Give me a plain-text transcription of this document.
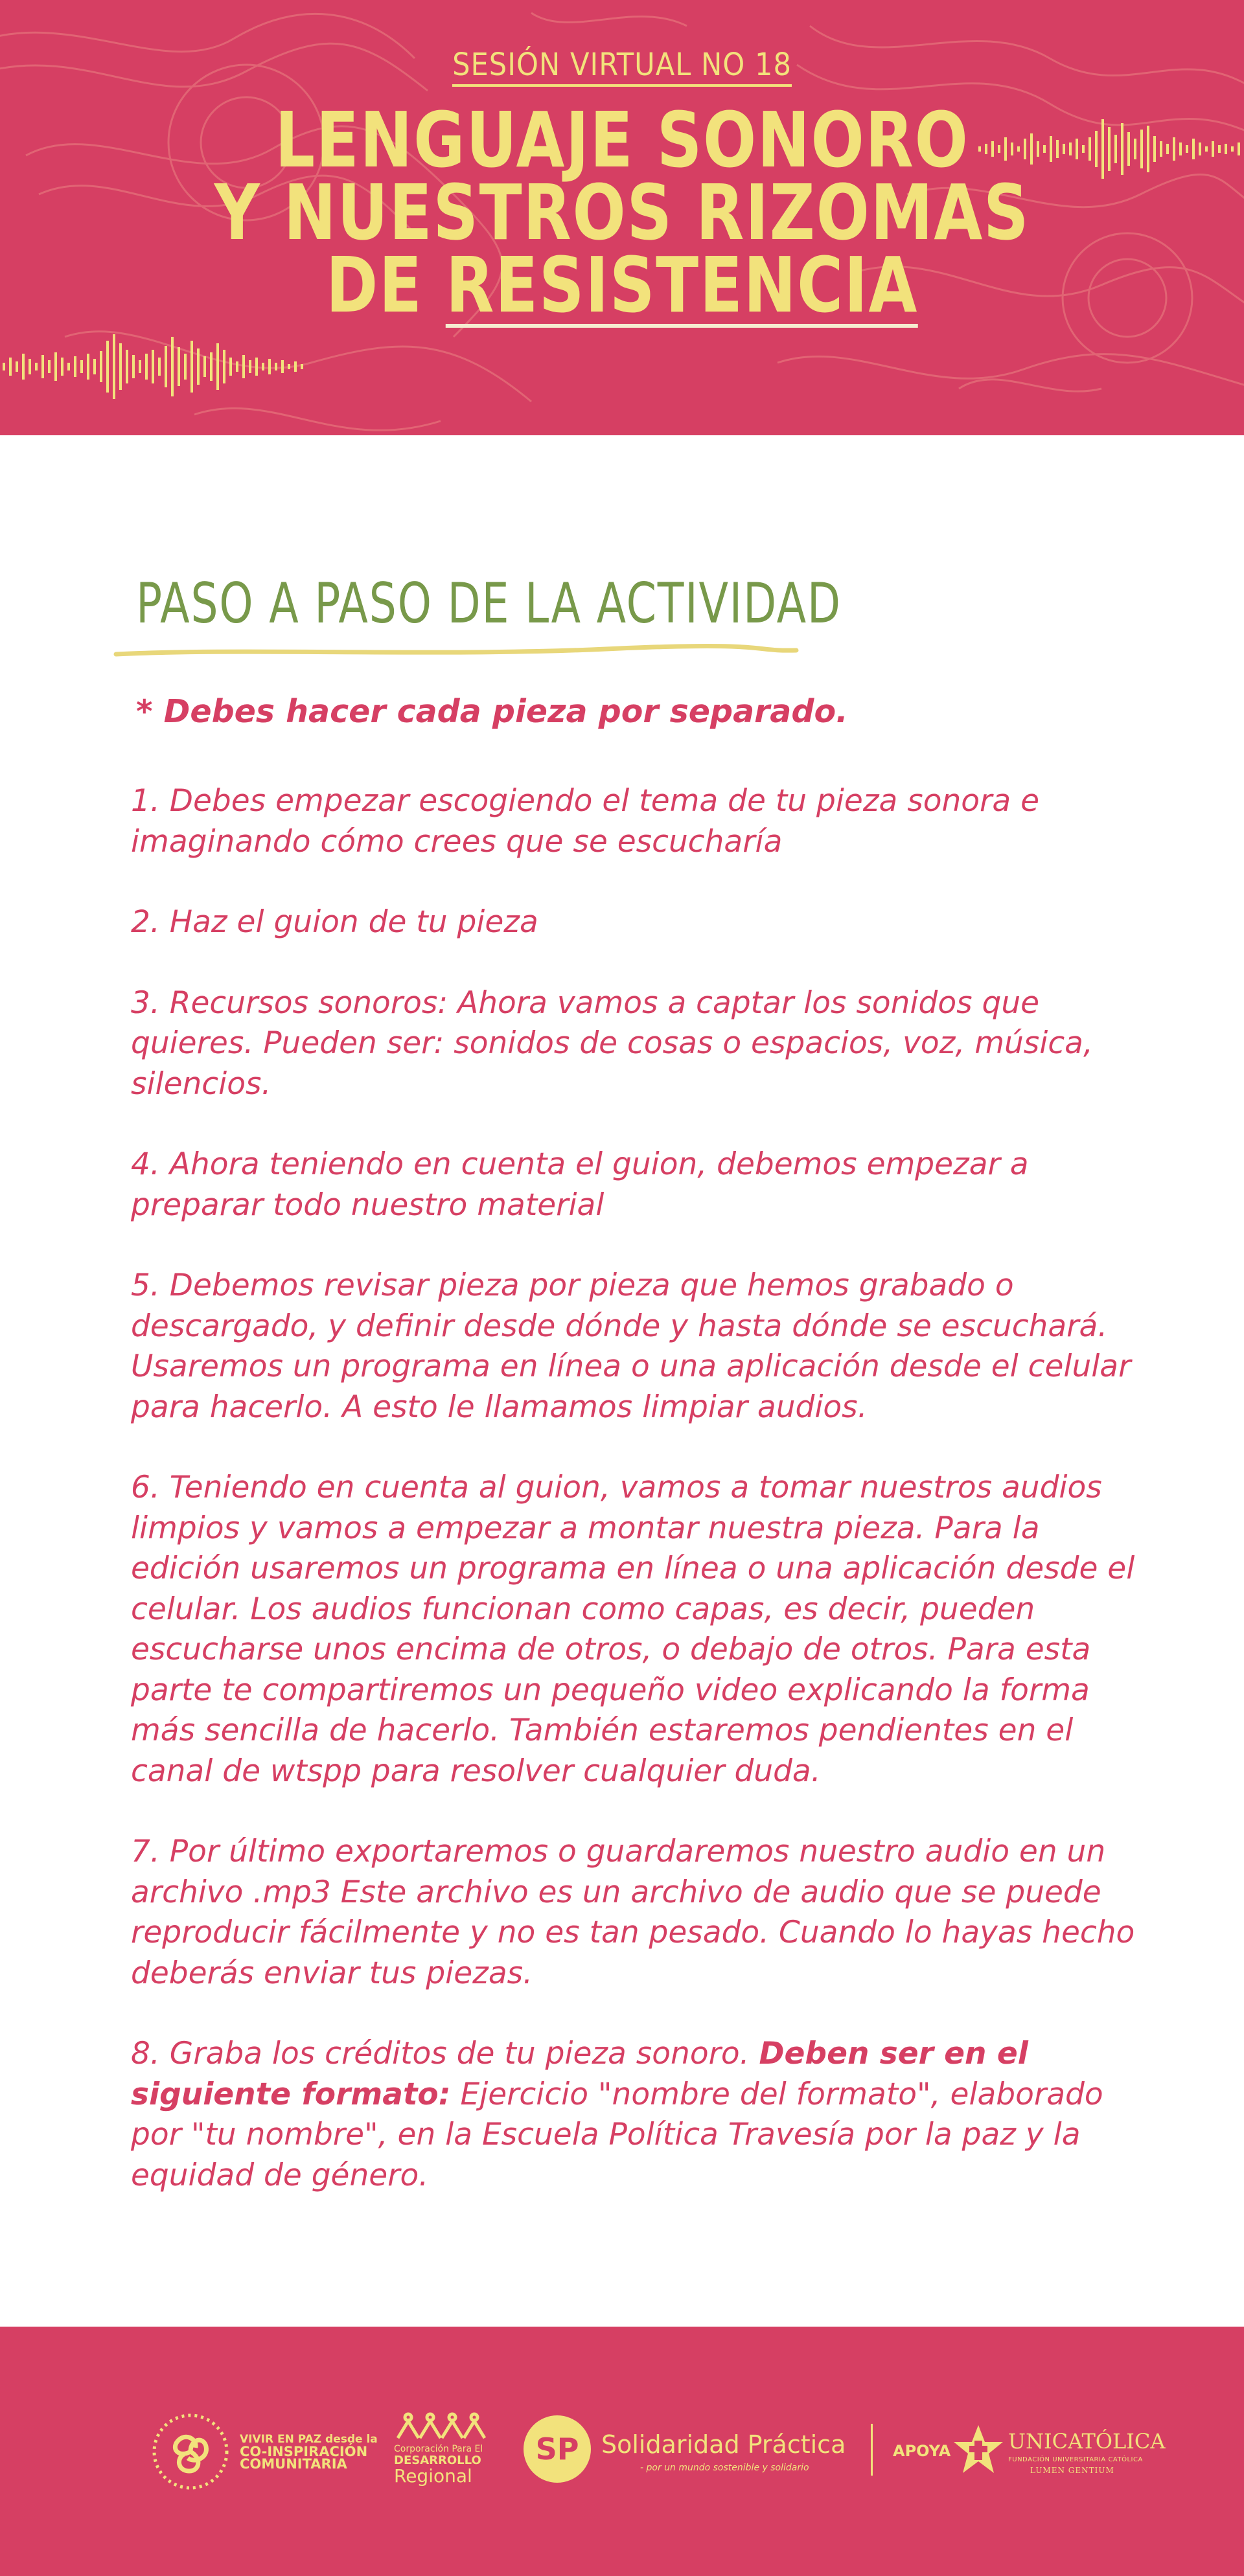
SESIÓN VIRTUAL NO 18
LENGUAJE SONORO
Y NUESTROS RIZOMAS
DE RESISTENCIA
PASO A PASO DE LA ACTIVIDAD
* Debes hacer cada pieza por separado.

1. Debes empezar escogiendo el tema de tu pieza sonora e imaginando cómo crees que se escucharía

2. Haz el guion de tu pieza

3. Recursos sonoros: Ahora vamos a captar los sonidos que quieres. Pueden ser: sonidos de cosas o espacios, voz, música, silencios.

4. Ahora teniendo en cuenta el guion, debemos empezar a preparar todo nuestro material

5. Debemos revisar pieza por pieza que hemos grabado o descargado, y definir desde dónde y hasta dónde se escuchará. Usaremos un programa en línea o una aplicación desde el celular para hacerlo. A esto le llamamos limpiar audios.

6. Teniendo en cuenta al guion, vamos a tomar nuestros audios limpios y vamos a empezar a montar nuestra pieza. Para la edición usaremos un programa en línea o una aplicación desde el celular. Los audios funcionan como capas, es decir, pueden escucharse unos encima de otros, o debajo de otros. Para esta parte te compartiremos un pequeño video explicando la forma más sencilla de hacerlo. También estaremos pendientes en el canal de wtspp para resolver cualquier duda.

7. Por último exportaremos o guardaremos nuestro audio en un archivo .mp3 Este archivo es un archivo de audio que se puede reproducir fácilmente y no es tan pesado. Cuando lo hayas hecho deberás enviar tus piezas.

8. Graba los créditos de tu pieza sonoro. Deben ser en el siguiente formato: Ejercicio "nombre del formato", elaborado por "tu nombre", en la Escuela Política Travesía por la paz y la equidad de género.

VIVIR EN PAZ desde la
CO-INSPIRACIÓN
COMUNITARIA
Corporación Para El
DESARROLLO
Regional
SP Solidaridad Práctica
- por un mundo sostenible y solidario
APOYA	UNICATÓLICA
FUNDACIÓN UNIVERSITARIA CATÓLICA
LUMEN GENTIUM
